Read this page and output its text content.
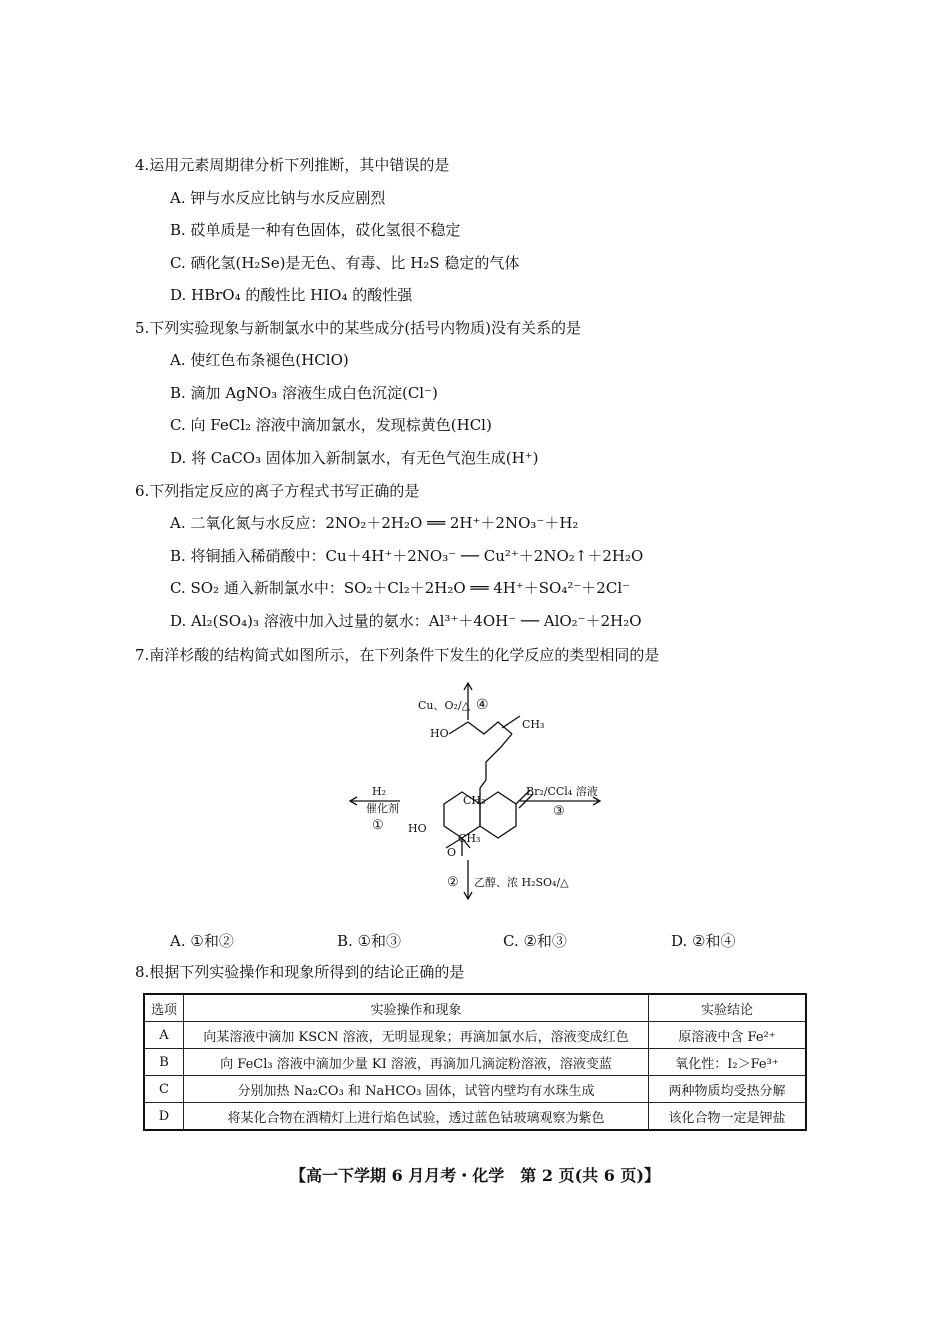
4.运用元素周期律分析下列推断，其中错误的是
A. 钾与水反应比钠与水反应剧烈
B. 砹单质是一种有色固体，砹化氢很不稳定
C. 硒化氢(H₂Se)是无色、有毒、比 H₂S 稳定的气体
D. HBrO₄ 的酸性比 HIO₄ 的酸性强
5.下列实验现象与新制氯水中的某些成分(括号内物质)没有关系的是
A. 使红色布条褪色(HClO)
B. 滴加 AgNO₃ 溶液生成白色沉淀(Cl⁻)
C. 向 FeCl₂ 溶液中滴加氯水，发现棕黄色(HCl)
D. 将 CaCO₃ 固体加入新制氯水，有无色气泡生成(H⁺)
6.下列指定反应的离子方程式书写正确的是
A. 二氧化氮与水反应：2NO₂＋2H₂O ══ 2H⁺＋2NO₃⁻＋H₂
B. 将铜插入稀硝酸中：Cu＋4H⁺＋2NO₃⁻ ── Cu²⁺＋2NO₂↑＋2H₂O
C. SO₂ 通入新制氯水中：SO₂＋Cl₂＋2H₂O ══ 4H⁺＋SO₄²⁻＋2Cl⁻
D. Al₂(SO₄)₃ 溶液中加入过量的氨水：Al³⁺＋4OH⁻ ── AlO₂⁻＋2H₂O
7.南洋杉酸的结构简式如图所示，在下列条件下发生的化学反应的类型相同的是
Cu、O₂/△ ④
HO
CH₃
CH₃
H₂
催化剂
①
Br₂/CCl₄ 溶液
③
HO
CH₃
O
② 乙醇、浓 H₂SO₄/△
A. ①和②	B. ①和③	C. ②和③	D. ②和④
8.根据下列实验操作和现象所得到的结论正确的是
选项	实验操作和现象	实验结论
A	向某溶液中滴加 KSCN 溶液，无明显现象；再滴加氯水后，溶液变成红色	原溶液中含 Fe²⁺
B	向 FeCl₃ 溶液中滴加少量 KI 溶液，再滴加几滴淀粉溶液，溶液变蓝	氧化性：I₂＞Fe³⁺
C	分别加热 Na₂CO₃ 和 NaHCO₃ 固体，试管内壁均有水珠生成	两种物质均受热分解
D	将某化合物在酒精灯上进行焰色试验，透过蓝色钴玻璃观察为紫色	该化合物一定是钾盐
【高一下学期 6 月月考・化学　第 2 页(共 6 页)】
